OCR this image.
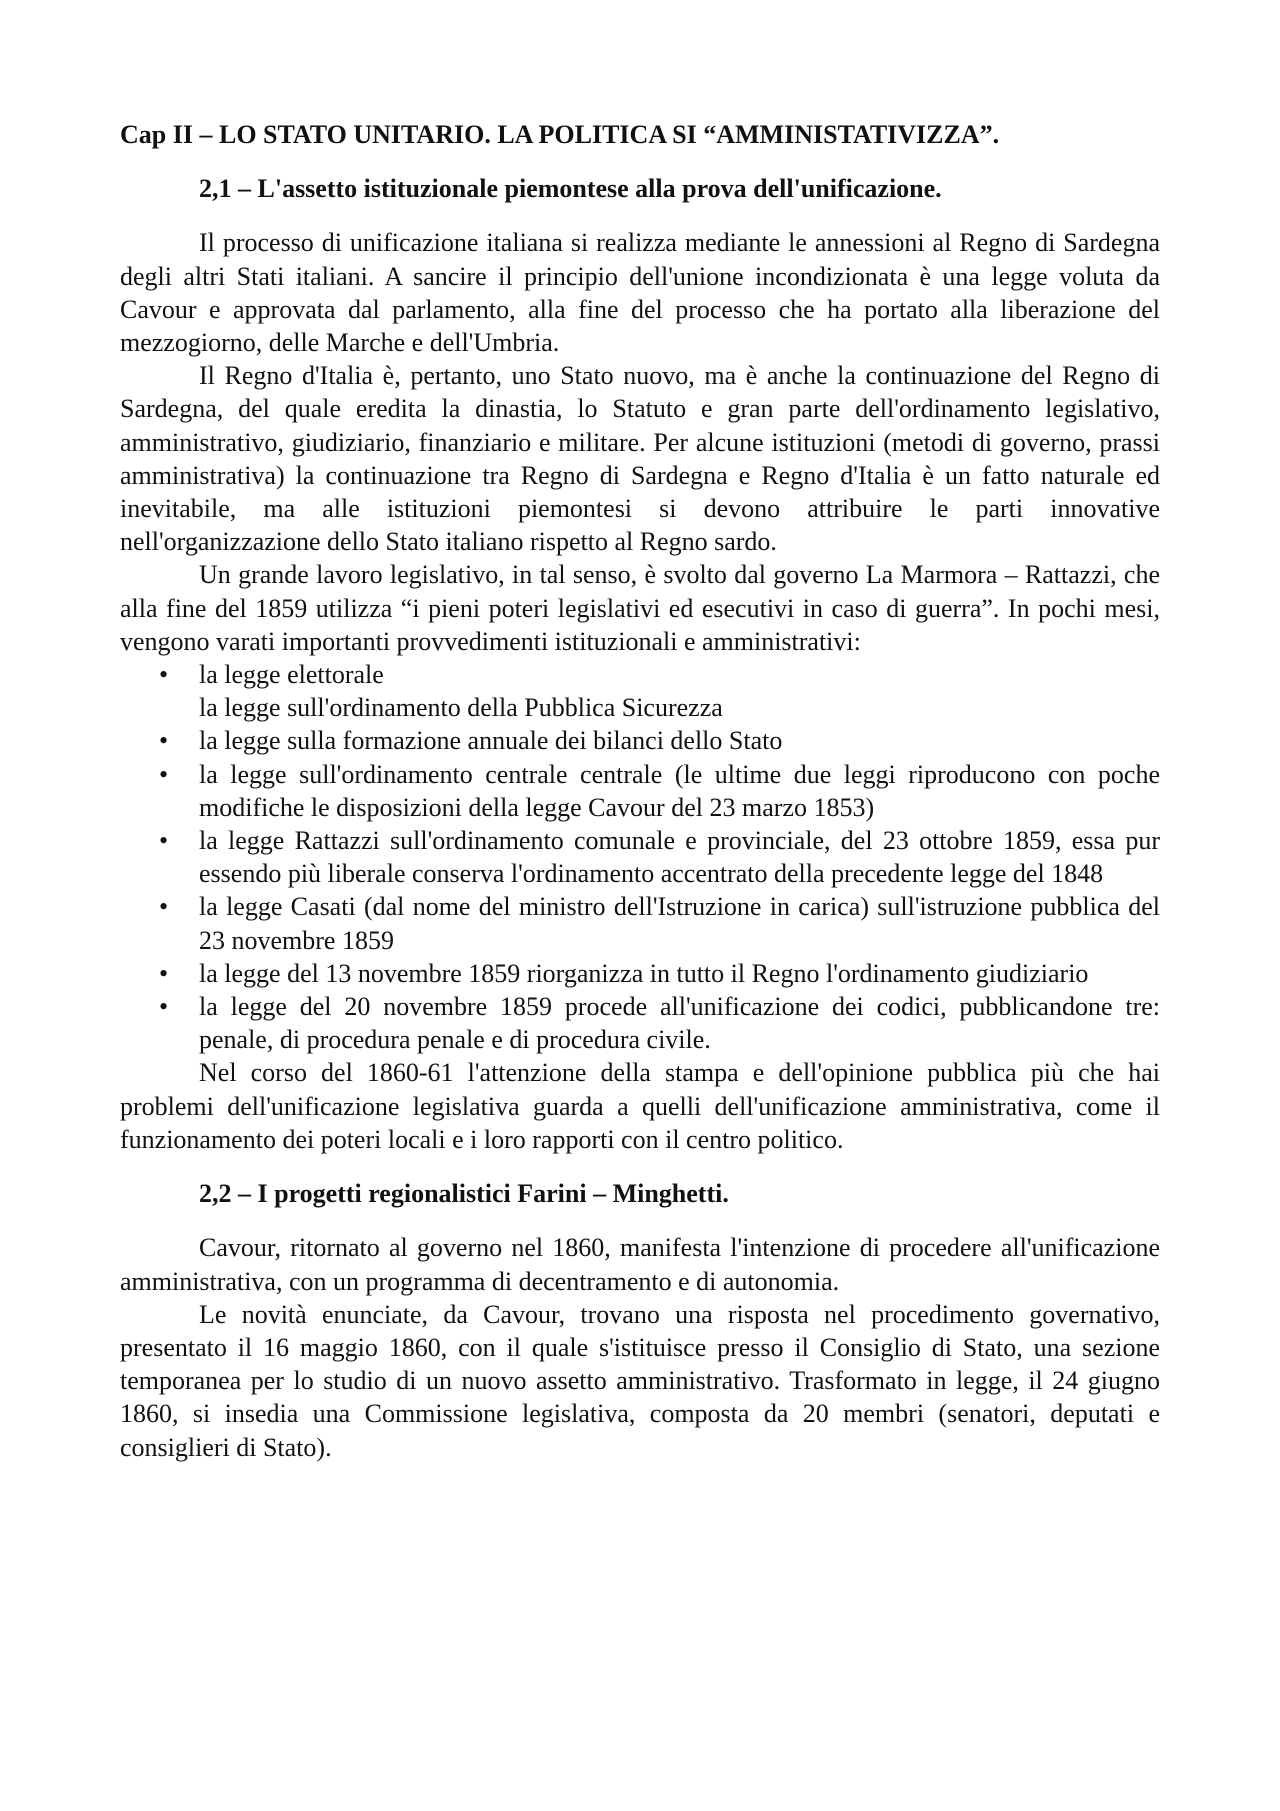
Cap II – LO STATO UNITARIO. LA POLITICA SI “AMMINISTATIVIZZA”.
2,1 – L'assetto istituzionale piemontese alla prova dell'unificazione.

Il processo di unificazione italiana si realizza mediante le annessioni al Regno di Sardegna degli altri Stati italiani. A sancire il principio dell'unione incondizionata è una legge voluta da Cavour e approvata dal parlamento, alla fine del processo che ha portato alla liberazione del mezzogiorno, delle Marche e dell'Umbria.

Il Regno d'Italia è, pertanto, uno Stato nuovo, ma è anche la continuazione del Regno di Sardegna, del quale eredita la dinastia, lo Statuto e gran parte dell'ordinamento legislativo, amministrativo, giudiziario, finanziario e militare. Per alcune istituzioni (metodi di governo, prassi amministrativa) la continuazione tra Regno di Sardegna e Regno d'Italia è un fatto naturale ed inevitabile, ma alle istituzioni piemontesi si devono attribuire le parti innovative nell'organizzazione dello Stato italiano rispetto al Regno sardo.

Un grande lavoro legislativo, in tal senso, è svolto dal governo La Marmora – Rattazzi, che alla fine del 1859 utilizza “i pieni poteri legislativi ed esecutivi in caso di guerra”. In pochi mesi, vengono varati importanti provvedimenti istituzionali e amministrativi:

• la legge elettorale
la legge sull'ordinamento della Pubblica Sicurezza
• la legge sulla formazione annuale dei bilanci dello Stato
• la legge sull'ordinamento centrale centrale (le ultime due leggi riproducono con poche modifiche le disposizioni della legge Cavour del 23 marzo 1853)
• la legge Rattazzi sull'ordinamento comunale e provinciale, del 23 ottobre 1859, essa pur essendo più liberale conserva l'ordinamento accentrato della precedente legge del 1848
• la legge Casati (dal nome del ministro dell'Istruzione in carica) sull'istruzione pubblica del 23 novembre 1859
• la legge del 13 novembre 1859 riorganizza in tutto il Regno l'ordinamento giudiziario
• la legge del 20 novembre 1859 procede all'unificazione dei codici, pubblicandone tre: penale, di procedura penale e di procedura civile.

Nel corso del 1860-61 l'attenzione della stampa e dell'opinione pubblica più che hai problemi dell'unificazione legislativa guarda a quelli dell'unificazione amministrativa, come il funzionamento dei poteri locali e i loro rapporti con il centro politico.

2,2 – I progetti regionalistici Farini – Minghetti.

Cavour, ritornato al governo nel 1860, manifesta l'intenzione di procedere all'unificazione amministrativa, con un programma di decentramento e di autonomia.

Le novità enunciate, da Cavour, trovano una risposta nel procedimento governativo, presentato il 16 maggio 1860, con il quale s'istituisce presso il Consiglio di Stato, una sezione temporanea per lo studio di un nuovo assetto amministrativo. Trasformato in legge, il 24 giugno 1860, si insedia una Commissione legislativa, composta da 20 membri (senatori, deputati e consiglieri di Stato).
